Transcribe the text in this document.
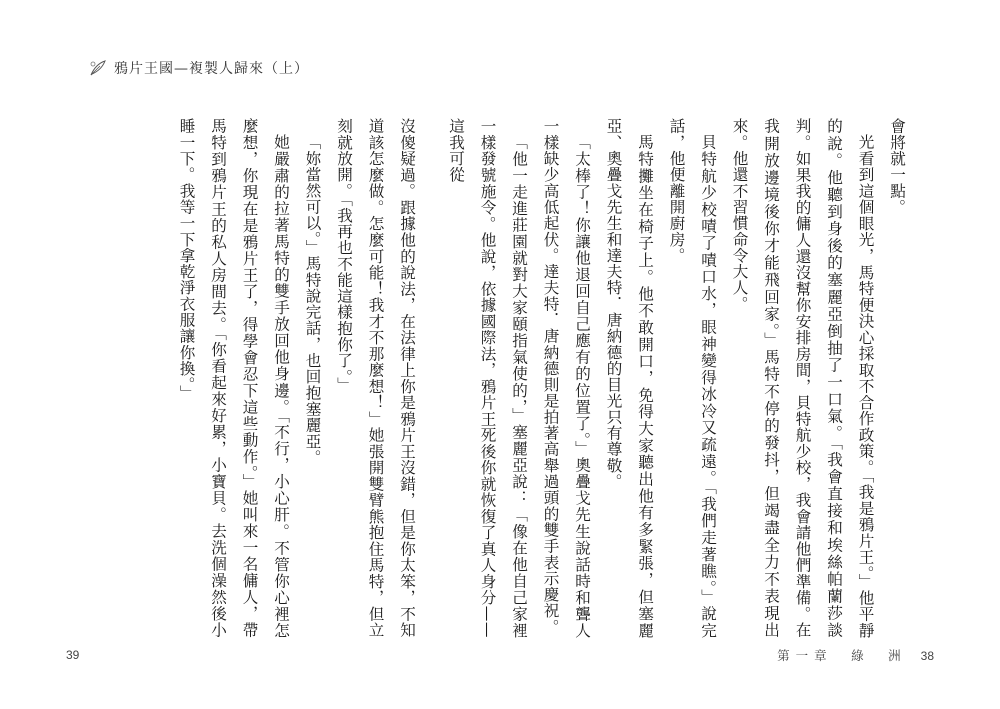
鴉片王國—複製人歸來（上）

沒傻疑過。跟據他的說法，在法律上你是鴉片王沒錯，但是你太笨，不知道該怎麼做。怎麼可能！我才不那麼想！」她張開雙臂熊抱住馬特，但立刻就放開。「我再也不能這樣抱你了。」

「妳當然可以。」馬特說完話，也回抱塞麗亞。

她嚴肅的拉著馬特的雙手放回他身邊。「不行，小心肝。不管你心裡怎麼想，你現在是鴉片王了，得學會忍下這些動作。」她叫來一名傭人，帶馬特到鴉片王的私人房間去。「你看起來好累，小寶貝。去洗個澡然後小睡一下。我等一下拿乾淨衣服讓你換。」	會將就一點。

光看到這個眼光，馬特便決心採取不合作政策。「我是鴉片王。」他平靜的說。他聽到身後的塞麗亞倒抽了一口氣。「我會直接和埃絲帕蘭莎談判。如果我的傭人還沒幫你安排房間，貝特航少校，我會請他們準備。在我開放邊境後你才能飛回家。」馬特不停的發抖，但竭盡全力不表現出來。他還不習慣命令大人。

貝特航少校嘖了嘖口水，眼神變得冰冷又疏遠。「我們走著瞧。」說完話，他便離開廚房。

馬特攤坐在椅子上。他不敢開口，免得大家聽出他有多緊張，但塞麗亞、奧疊戈先生和達夫特．唐納德的目光只有尊敬。

「太棒了！你讓他退回自己應有的位置了。」奧疊戈先生說話時和聾人一樣缺少高低起伏。達夫特．唐納德則是拍著高舉過頭的雙手表示慶祝。

「他一走進莊園就對大家頤指氣使的，」塞麗亞說：「像在他自己家裡一樣發號施令。他說，依據國際法，鴉片王死後你就恢復了真人身分——這我可從

39	第一章　綠　洲 38
